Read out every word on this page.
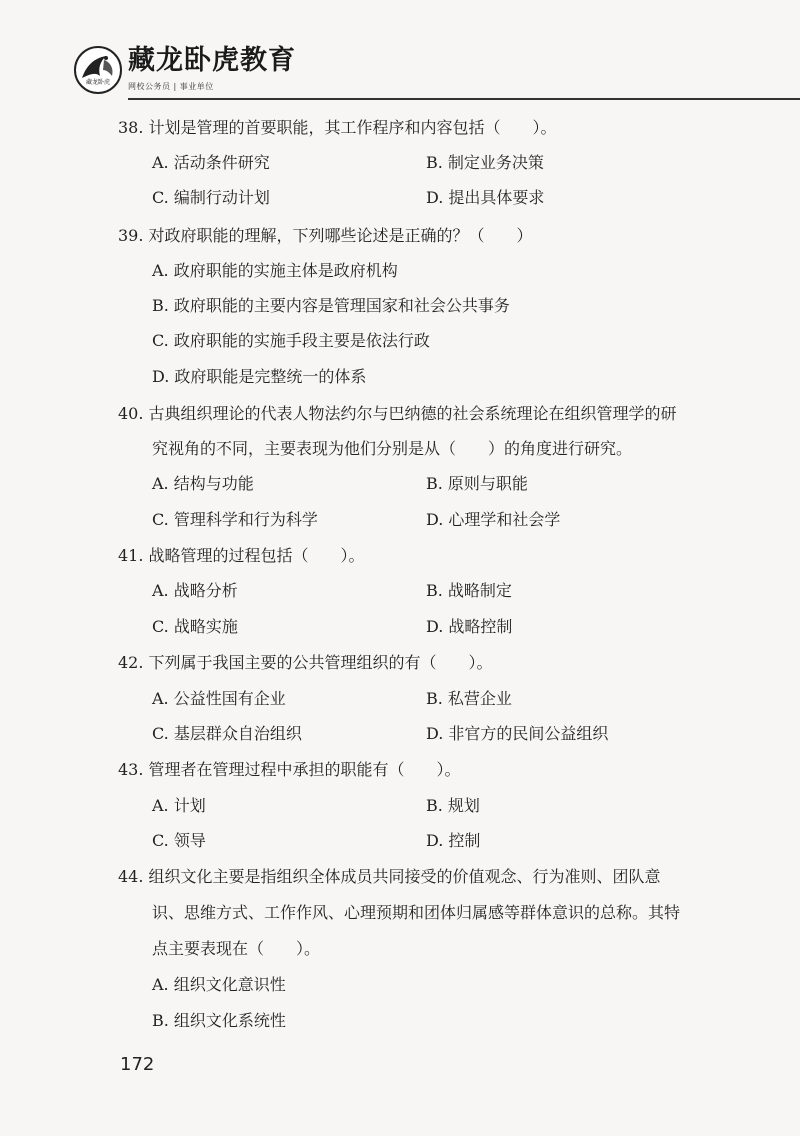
藏龙卧虎
藏龙卧虎教育
网校公务员 | 事业单位
38. 计划是管理的首要职能，其工作程序和内容包括（　　）。
A. 活动条件研究	B. 制定业务决策
C. 编制行动计划	D. 提出具体要求
39. 对政府职能的理解，下列哪些论述是正确的？（　　）
A. 政府职能的实施主体是政府机构
B. 政府职能的主要内容是管理国家和社会公共事务
C. 政府职能的实施手段主要是依法行政
D. 政府职能是完整统一的体系
40. 古典组织理论的代表人物法约尔与巴纳德的社会系统理论在组织管理学的研
究视角的不同，主要表现为他们分别是从（　　）的角度进行研究。
A. 结构与功能	B. 原则与职能
C. 管理科学和行为科学	D. 心理学和社会学
41. 战略管理的过程包括（　　）。
A. 战略分析	B. 战略制定
C. 战略实施	D. 战略控制
42. 下列属于我国主要的公共管理组织的有（　　）。
A. 公益性国有企业	B. 私营企业
C. 基层群众自治组织	D. 非官方的民间公益组织
43. 管理者在管理过程中承担的职能有（　　）。
A. 计划	B. 规划
C. 领导	D. 控制
44. 组织文化主要是指组织全体成员共同接受的价值观念、行为准则、团队意
识、思维方式、工作作风、心理预期和团体归属感等群体意识的总称。其特
点主要表现在（　　）。
A. 组织文化意识性
B. 组织文化系统性
172
